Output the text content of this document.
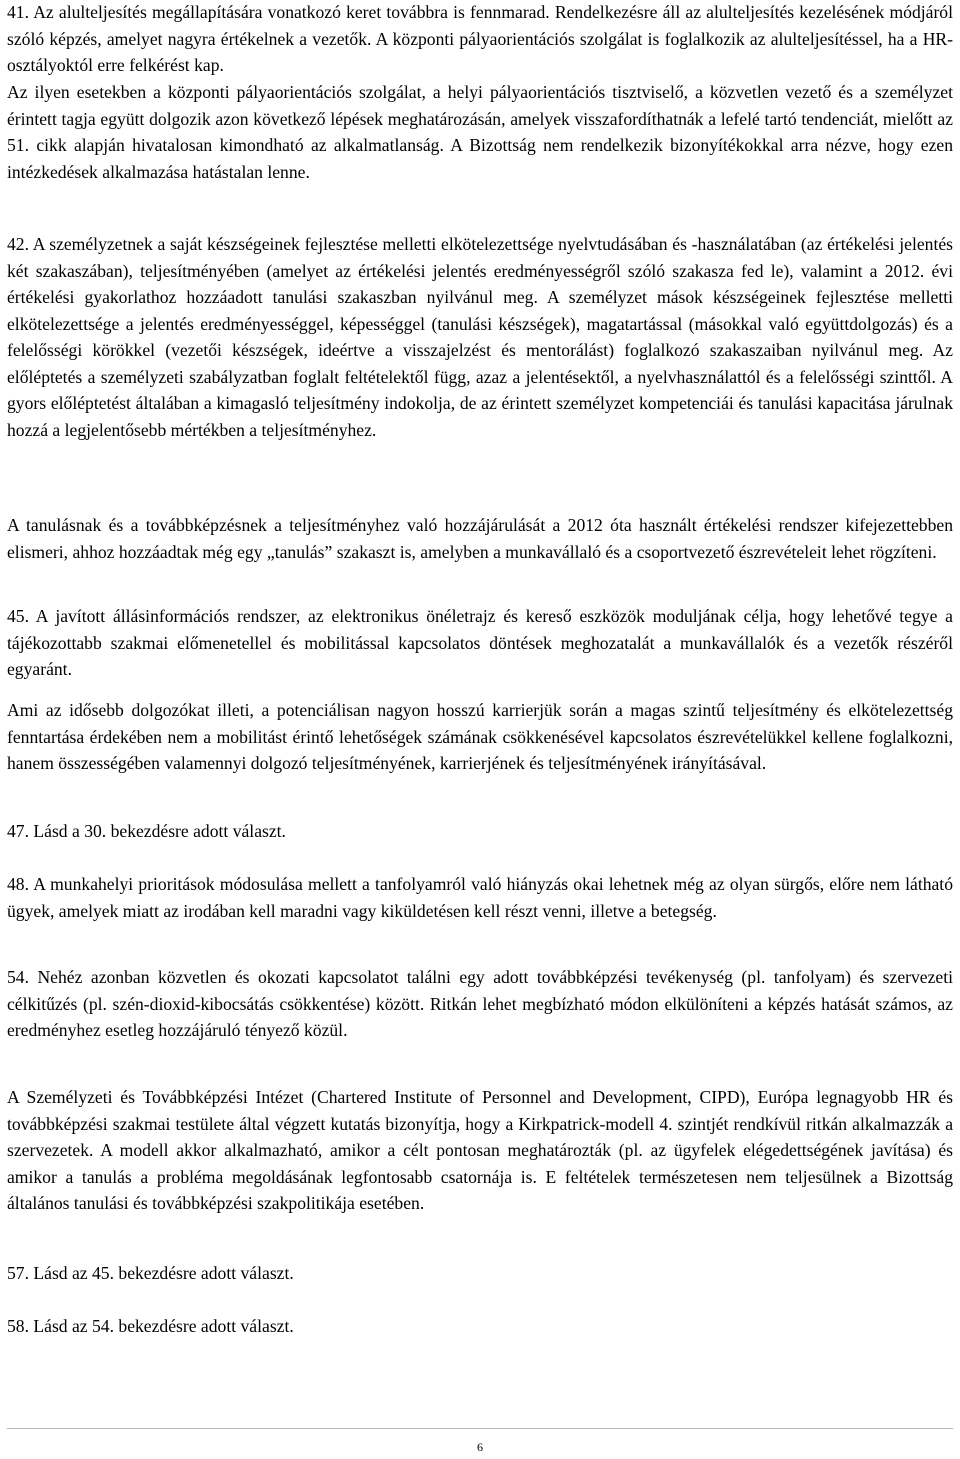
41. Az alulteljesítés megállapítására vonatkozó keret továbbra is fennmarad. Rendelkezésre áll az alulteljesítés kezelésének módjáról szóló képzés, amelyet nagyra értékelnek a vezetők. A központi pályaorientációs szolgálat is foglalkozik az alulteljesítéssel, ha a HR-osztályoktól erre felkérést kap.

Az ilyen esetekben a központi pályaorientációs szolgálat, a helyi pályaorientációs tisztviselő, a közvetlen vezető és a személyzet érintett tagja együtt dolgozik azon következő lépések meghatározásán, amelyek visszafordíthatnák a lefelé tartó tendenciát, mielőtt az 51. cikk alapján hivatalosan kimondható az alkalmatlanság. A Bizottság nem rendelkezik bizonyítékokkal arra nézve, hogy ezen intézkedések alkalmazása hatástalan lenne.

42. A személyzetnek a saját készségeinek fejlesztése melletti elkötelezettsége nyelvtudásában és -használatában (az értékelési jelentés két szakaszában), teljesítményében (amelyet az értékelési jelentés eredményességről szóló szakasza fed le), valamint a 2012. évi értékelési gyakorlathoz hozzáadott tanulási szakaszban nyilvánul meg. A személyzet mások készségeinek fejlesztése melletti elkötelezettsége a jelentés eredményességgel, képességgel (tanulási készségek), magatartással (másokkal való együttdolgozás) és a felelősségi körökkel (vezetői készségek, ideértve a visszajelzést és mentorálást) foglalkozó szakaszaiban nyilvánul meg. Az előléptetés a személyzeti szabályzatban foglalt feltételektől függ, azaz a jelentésektől, a nyelvhasználattól és a felelősségi szinttől. A gyors előléptetést általában a kimagasló teljesítmény indokolja, de az érintett személyzet kompetenciái és tanulási kapacitása járulnak hozzá a legjelentősebb mértékben a teljesítményhez.

A tanulásnak és a továbbképzésnek a teljesítményhez való hozzájárulását a 2012 óta használt értékelési rendszer kifejezettebben elismeri, ahhoz hozzáadtak még egy „tanulás” szakaszt is, amelyben a munkavállaló és a csoportvezető észrevételeit lehet rögzíteni.

45. A javított állásinformációs rendszer, az elektronikus önéletrajz és kereső eszközök moduljának célja, hogy lehetővé tegye a tájékozottabb szakmai előmenetellel és mobilitással kapcsolatos döntések meghozatalát a munkavállalók és a vezetők részéről egyaránt.

Ami az idősebb dolgozókat illeti, a potenciálisan nagyon hosszú karrierjük során a magas szintű teljesítmény és elkötelezettség fenntartása érdekében nem a mobilitást érintő lehetőségek számának csökkenésével kapcsolatos észrevételükkel kellene foglalkozni, hanem összességében valamennyi dolgozó teljesítményének, karrierjének és teljesítményének irányításával.

47. Lásd a 30. bekezdésre adott választ.

48. A munkahelyi prioritások módosulása mellett a tanfolyamról való hiányzás okai lehetnek még az olyan sürgős, előre nem látható ügyek, amelyek miatt az irodában kell maradni vagy kiküldetésen kell részt venni, illetve a betegség.

54. Nehéz azonban közvetlen és okozati kapcsolatot találni egy adott továbbképzési tevékenység (pl. tanfolyam) és szervezeti célkitűzés (pl. szén-dioxid-kibocsátás csökkentése) között. Ritkán lehet megbízható módon elkülöníteni a képzés hatását számos, az eredményhez esetleg hozzájáruló tényező közül.

A Személyzeti és Továbbképzési Intézet (Chartered Institute of Personnel and Development, CIPD), Európa legnagyobb HR és továbbképzési szakmai testülete által végzett kutatás bizonyítja, hogy a Kirkpatrick-modell 4. szintjét rendkívül ritkán alkalmazzák a szervezetek. A modell akkor alkalmazható, amikor a célt pontosan meghatározták (pl. az ügyfelek elégedettségének javítása) és amikor a tanulás a probléma megoldásának legfontosabb csatornája is. E feltételek természetesen nem teljesülnek a Bizottság általános tanulási és továbbképzési szakpolitikája esetében.

57. Lásd az 45. bekezdésre adott választ.

58. Lásd az 54. bekezdésre adott választ.

6
